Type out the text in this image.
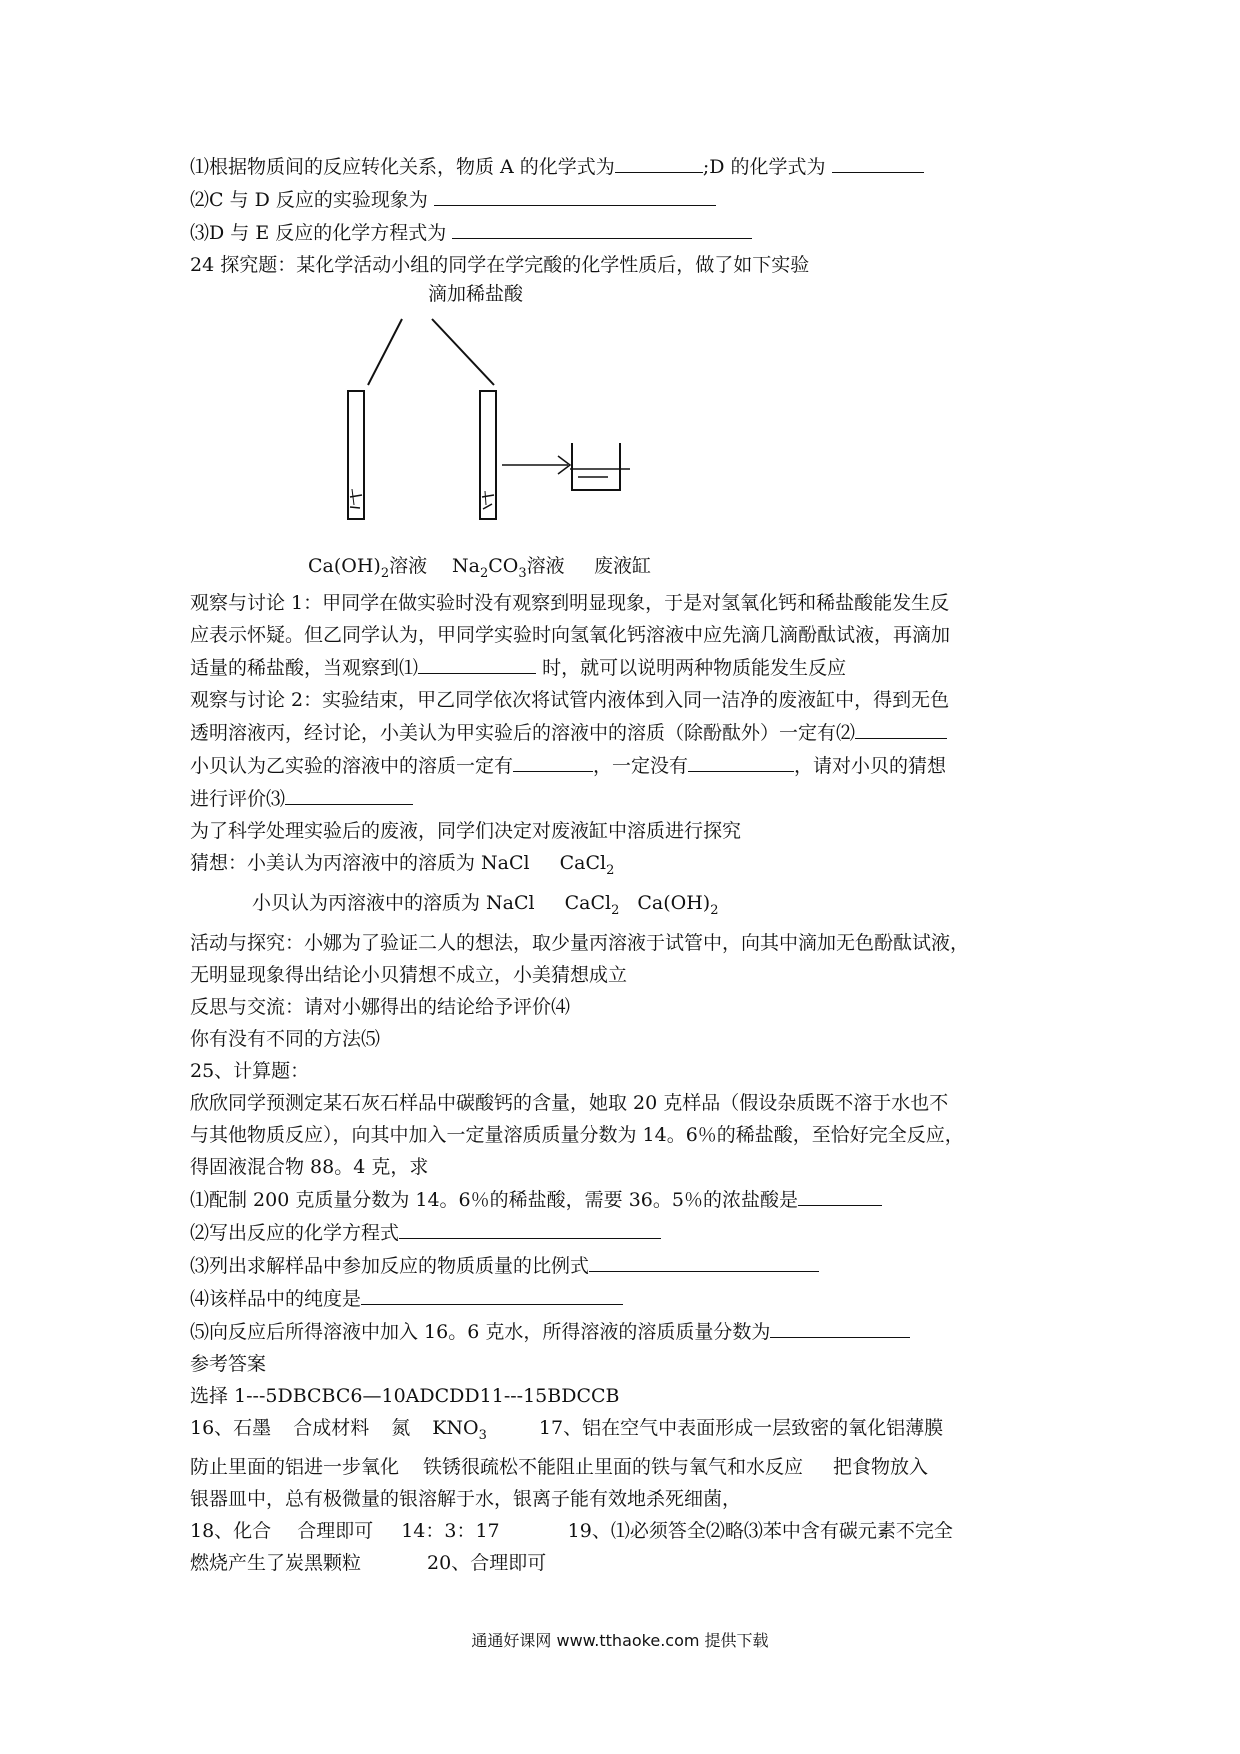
⑴根据物质间的反应转化关系，物质 A 的化学式为	;D 的化学式为
⑵C 与 D 反应的实验现象为
⑶D 与 E 反应的化学方程式为
24 探究题：某化学活动小组的同学在学完酸的化学性质后，做了如下实验
滴加稀盐酸
$Ca(OH)_2$溶液 $Na_2CO_3$溶液 废液缸
观察与讨论 1：甲同学在做实验时没有观察到明显现象，于是对氢氧化钙和稀盐酸能发生反
应表示怀疑。但乙同学认为，甲同学实验时向氢氧化钙溶液中应先滴几滴酚酞试液，再滴加
适量的稀盐酸，当观察到⑴	时，就可以说明两种物质能发生反应
观察与讨论 2：实验结束，甲乙同学依次将试管内液体到入同一洁净的废液缸中，得到无色
透明溶液丙，经讨论，小美认为甲实验后的溶液中的溶质（除酚酞外）一定有⑵
小贝认为乙实验的溶液中的溶质一定有	，一定没有	，请对小贝的猜想
进行评价⑶
为了科学处理实验后的废液，同学们决定对废液缸中溶质进行探究
猜想：小美认为丙溶液中的溶质为 NaCl CaCl$_2$
小贝认为丙溶液中的溶质为 NaCl CaCl$_2$ $Ca(OH)_2$
活动与探究：小娜为了验证二人的想法，取少量丙溶液于试管中，向其中滴加无色酚酞试液，
无明显现象得出结论小贝猜想不成立，小美猜想成立
反思与交流：请对小娜得出的结论给予评价⑷
你有没有不同的方法⑸
25、计算题：
欣欣同学预测定某石灰石样品中碳酸钙的含量，她取 20 克样品（假设杂质既不溶于水也不
与其他物质反应），向其中加入一定量溶质质量分数为 14。6％的稀盐酸，至恰好完全反应，
得固液混合物 88。4 克，求
⑴配制 200 克质量分数为 14。6％的稀盐酸，需要 36。5％的浓盐酸是
⑵写出反应的化学方程式
⑶列出求解样品中参加反应的物质质量的比例式
⑷该样品中的纯度是
⑸向反应后所得溶液中加入 16。6 克水，所得溶液的溶质质量分数为
参考答案
选择 1---5DBCBC6—10ADCDD11---15BDCCB
16、石墨 合成材料 氮 $KNO_3$	17、铝在空气中表面形成一层致密的氧化铝薄膜
防止里面的铝进一步氧化 铁锈很疏松不能阻止里面的铁与氧气和水反应 把食物放入
银器皿中，总有极微量的银溶解于水，银离子能有效地杀死细菌，
18、化合 合理即可 14：3：17	19、⑴必须答全⑵略⑶苯中含有碳元素不完全
燃烧产生了炭黑颗粒	20、合理即可
通通好课网 www.tthaoke.com 提供下载
